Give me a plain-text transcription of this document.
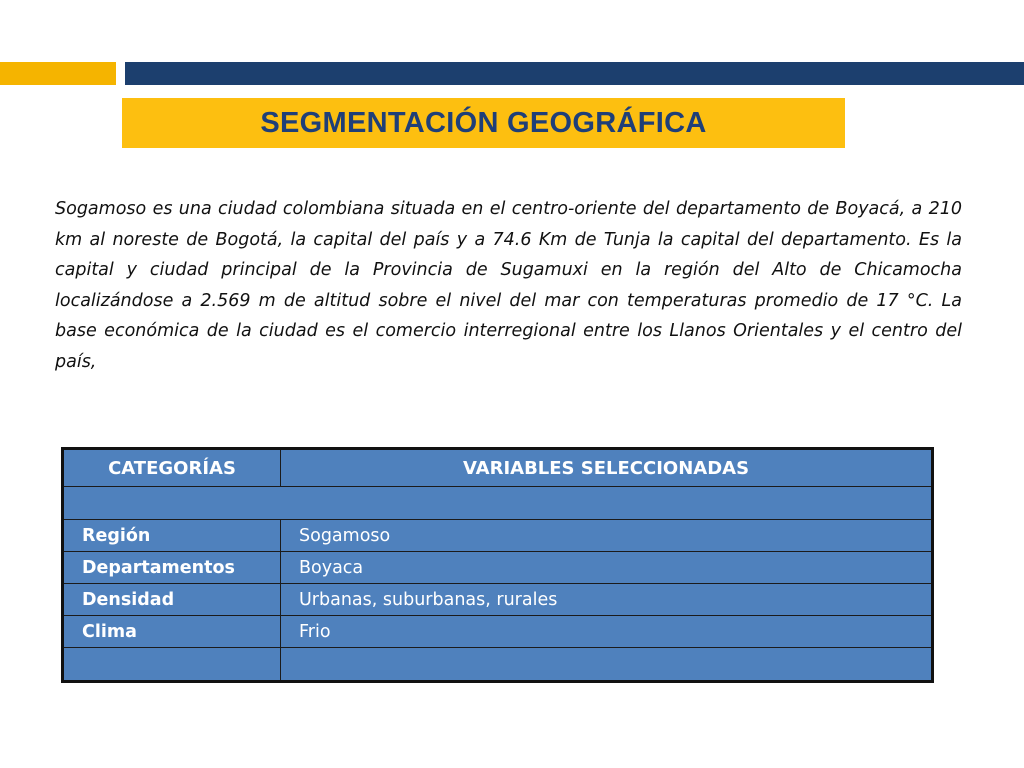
SEGMENTACIÓN GEOGRÁFICA

Sogamoso es una ciudad colombiana situada en el centro-oriente del departamento de Boyacá, a 210 km al noreste de Bogotá, la capital del país y a 74.6 Km de Tunja la capital del departamento. Es la capital y ciudad principal de la Provincia de Sugamuxi en la región del Alto de Chicamocha localizándose a 2.569 m de altitud sobre el nivel del mar con temperaturas promedio de 17 °C. La base económica de la ciudad es el comercio interregional entre los Llanos Orientales y el centro del país,

CATEGORÍAS	VARIABLES SELECCIONADAS

Región	Sogamoso
Departamentos	Boyaca
Densidad	Urbanas, suburbanas, rurales
Clima	Frio
